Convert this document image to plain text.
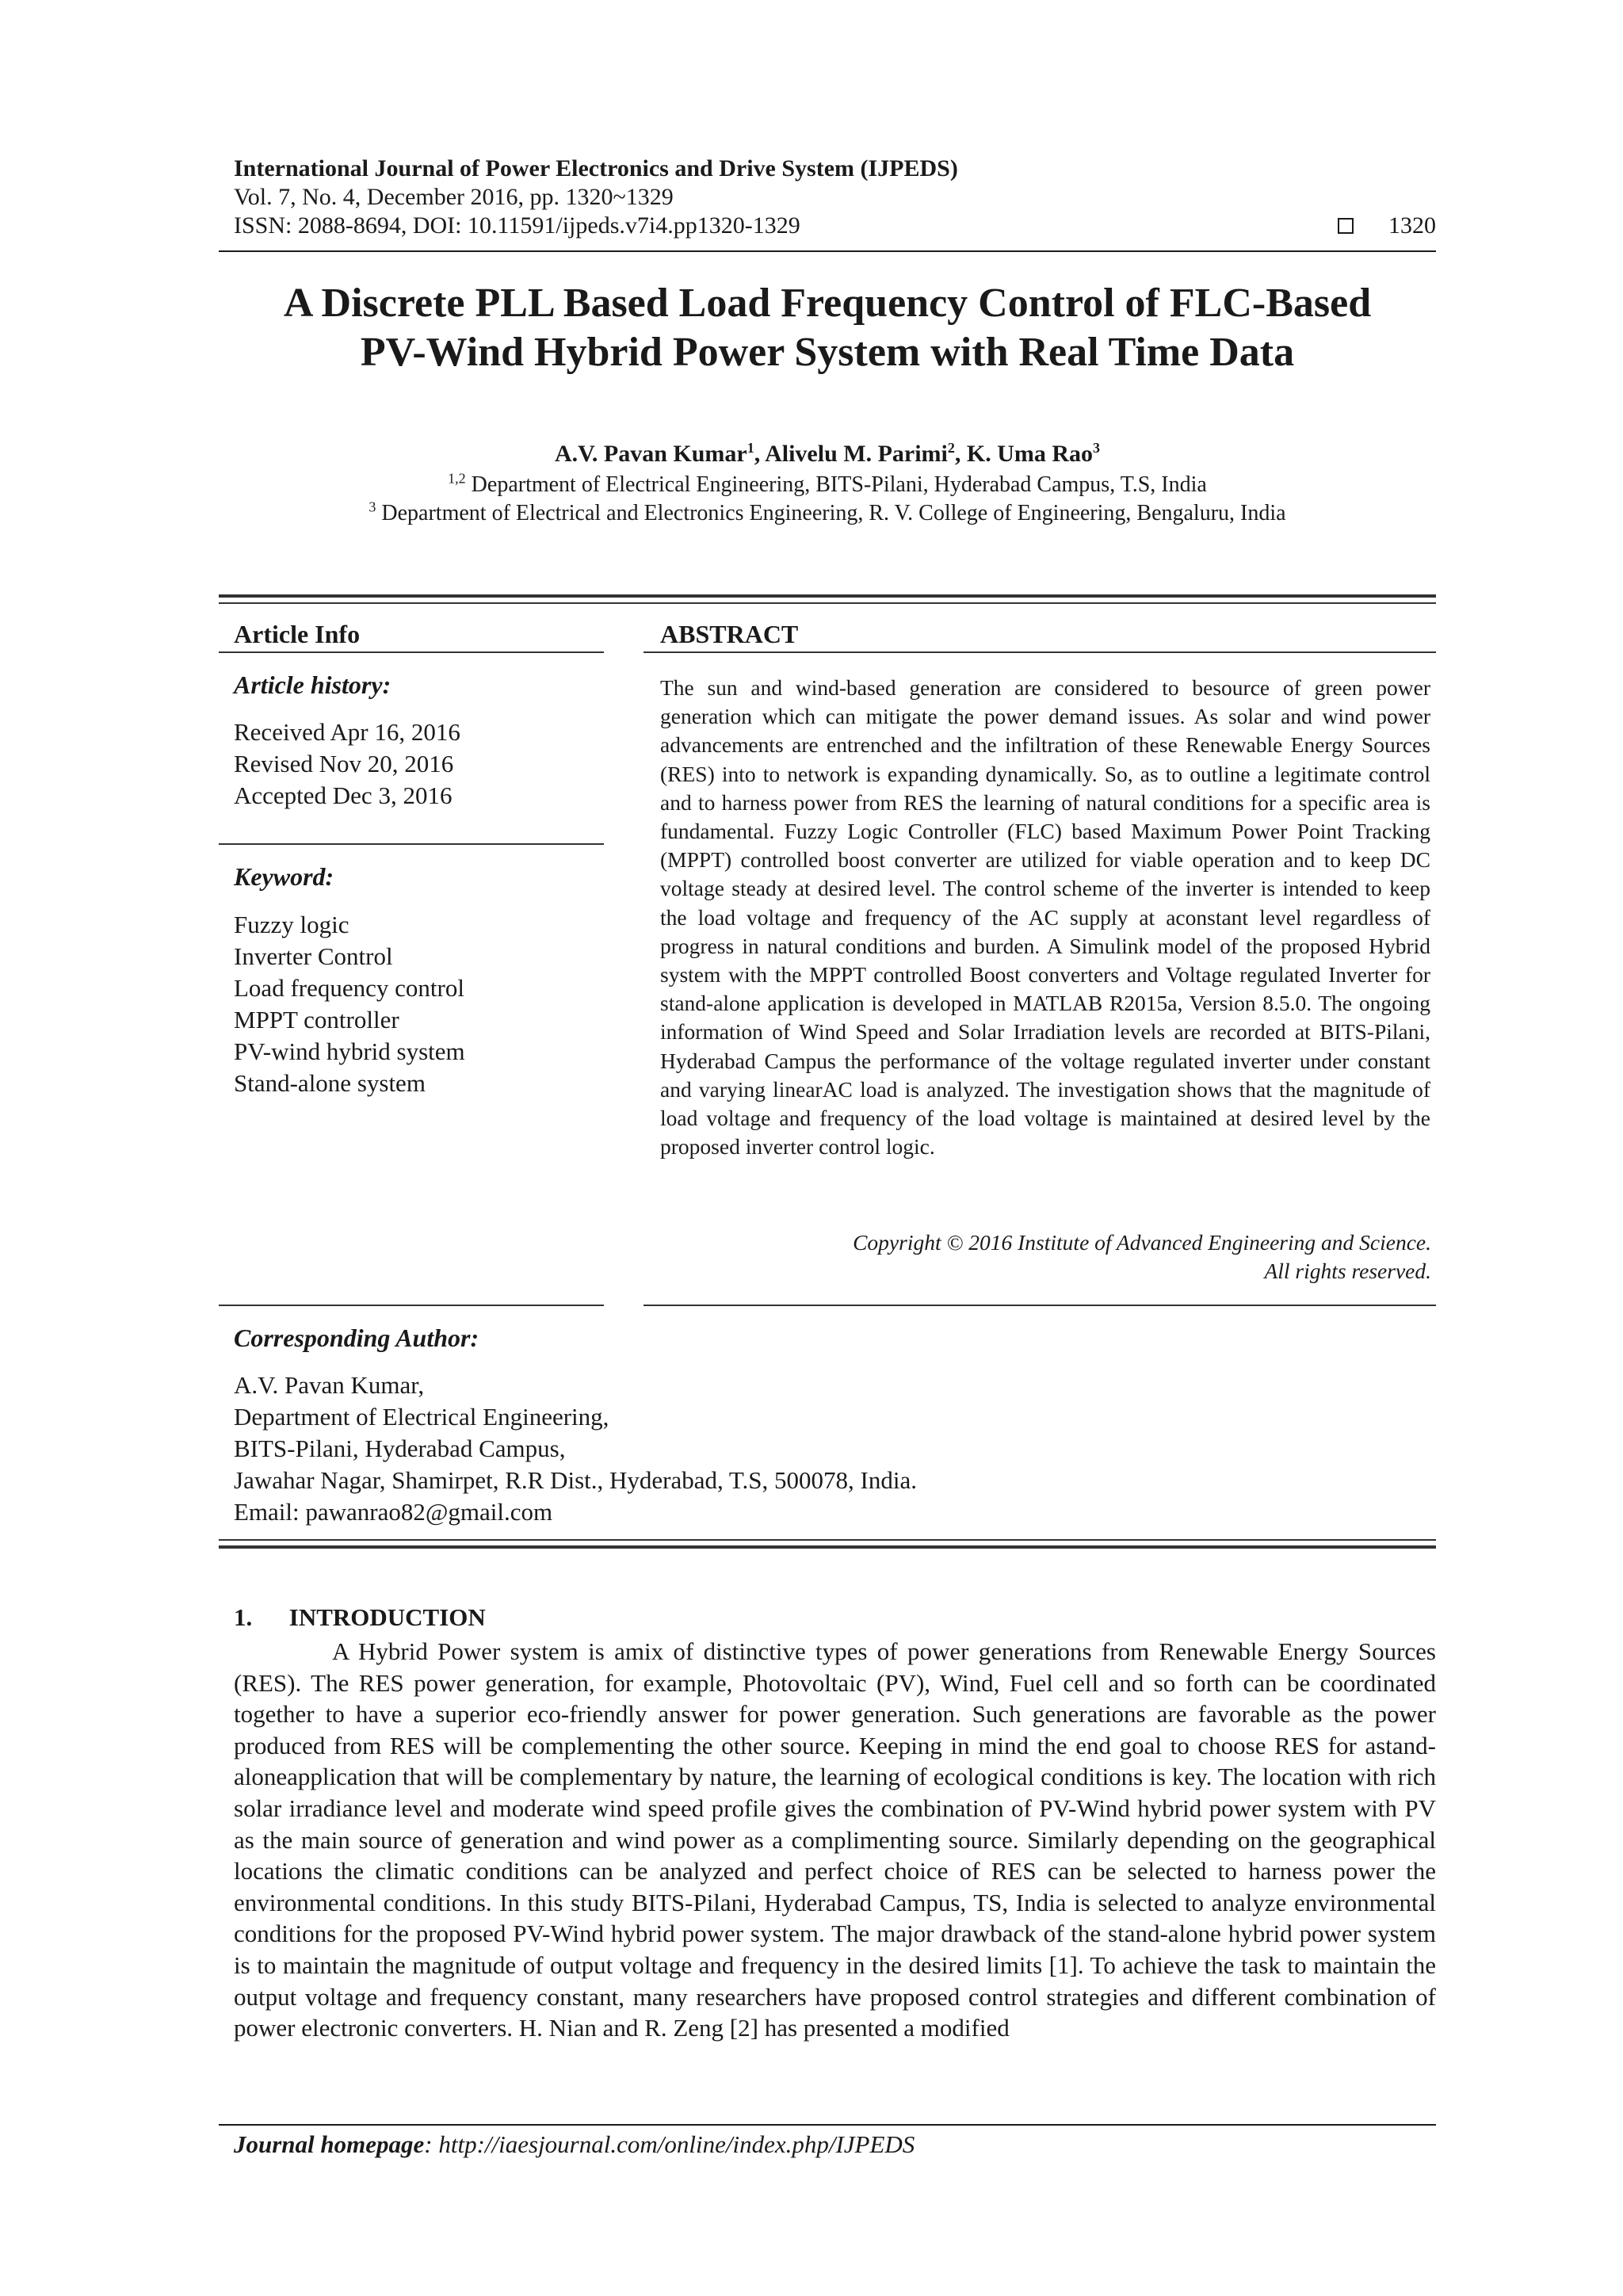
International Journal of Power Electronics and Drive System (IJPEDS)
Vol. 7, No. 4, December 2016, pp. 1320~1329
ISSN: 2088-8694, DOI: 10.11591/ijpeds.v7i4.pp1320-1329	1320
A Discrete PLL Based Load Frequency Control of FLC-Based
PV-Wind Hybrid Power System with Real Time Data
A.V. Pavan Kumar$^1$, Alivelu M. Parimi$^2$, K. Uma Rao$^3$
$^{1,2}$ Department of Electrical Engineering, BITS-Pilani, Hyderabad Campus, T.S, India
$^3$ Department of Electrical and Electronics Engineering, R. V. College of Engineering, Bengaluru, India
Article Info
Article history:
Received Apr 16, 2016
Revised Nov 20, 2016
Accepted Dec 3, 2016
Keyword:
Fuzzy logic
Inverter Control
Load frequency control
MPPT controller
PV-wind hybrid system
Stand-alone system
ABSTRACT
The sun and wind-based generation are considered to besource of green power generation which can mitigate the power demand issues. As solar and wind power advancements are entrenched and the infiltration of these Renewable Energy Sources (RES) into to network is expanding dynamically. So, as to outline a legitimate control and to harness power from RES the learning of natural conditions for a specific area is fundamental. Fuzzy Logic Controller (FLC) based Maximum Power Point Tracking (MPPT) controlled boost converter are utilized for viable operation and to keep DC voltage steady at desired level. The control scheme of the inverter is intended to keep the load voltage and frequency of the AC supply at aconstant level regardless of progress in natural conditions and burden. A Simulink model of the proposed Hybrid system with the MPPT controlled Boost converters and Voltage regulated Inverter for stand-alone application is developed in MATLAB R2015a, Version 8.5.0. The ongoing information of Wind Speed and Solar Irradiation levels are recorded at BITS-Pilani, Hyderabad Campus the performance of the voltage regulated inverter under constant and varying linearAC load is analyzed. The investigation shows that the magnitude of load voltage and frequency of the load voltage is maintained at desired level by the proposed inverter control logic.
Copyright © 2016 Institute of Advanced Engineering and Science.
All rights reserved.
Corresponding Author:
A.V. Pavan Kumar,
Department of Electrical Engineering,
BITS-Pilani, Hyderabad Campus,
Jawahar Nagar, Shamirpet, R.R Dist., Hyderabad, T.S, 500078, India.
Email: pawanrao82@gmail.com
1.      INTRODUCTION
A Hybrid Power system is amix of distinctive types of power generations from Renewable Energy Sources (RES). The RES power generation, for example, Photovoltaic (PV), Wind, Fuel cell and so forth can be coordinated together to have a superior eco-friendly answer for power generation. Such generations are favorable as the power produced from RES will be complementing the other source. Keeping in mind the end goal to choose RES for astand-aloneapplication that will be complementary by nature, the learning of ecological conditions is key. The location with rich solar irradiance level and moderate wind speed profile gives the combination of PV-Wind hybrid power system with PV as the main source of generation and wind power as a complimenting source. Similarly depending on the geographical locations the climatic conditions can be analyzed and perfect choice of RES can be selected to harness power the environmental conditions. In this study BITS-Pilani, Hyderabad Campus, TS, India is selected to analyze environmental conditions for the proposed PV-Wind hybrid power system. The major drawback of the stand-alone hybrid power system is to maintain the magnitude of output voltage and frequency in the desired limits [1]. To achieve the task to maintain the output voltage and frequency constant, many researchers have proposed control strategies and different combination of power electronic converters. H. Nian and R. Zeng [2] has presented a modified
Journal homepage: http://iaesjournal.com/online/index.php/IJPEDS
